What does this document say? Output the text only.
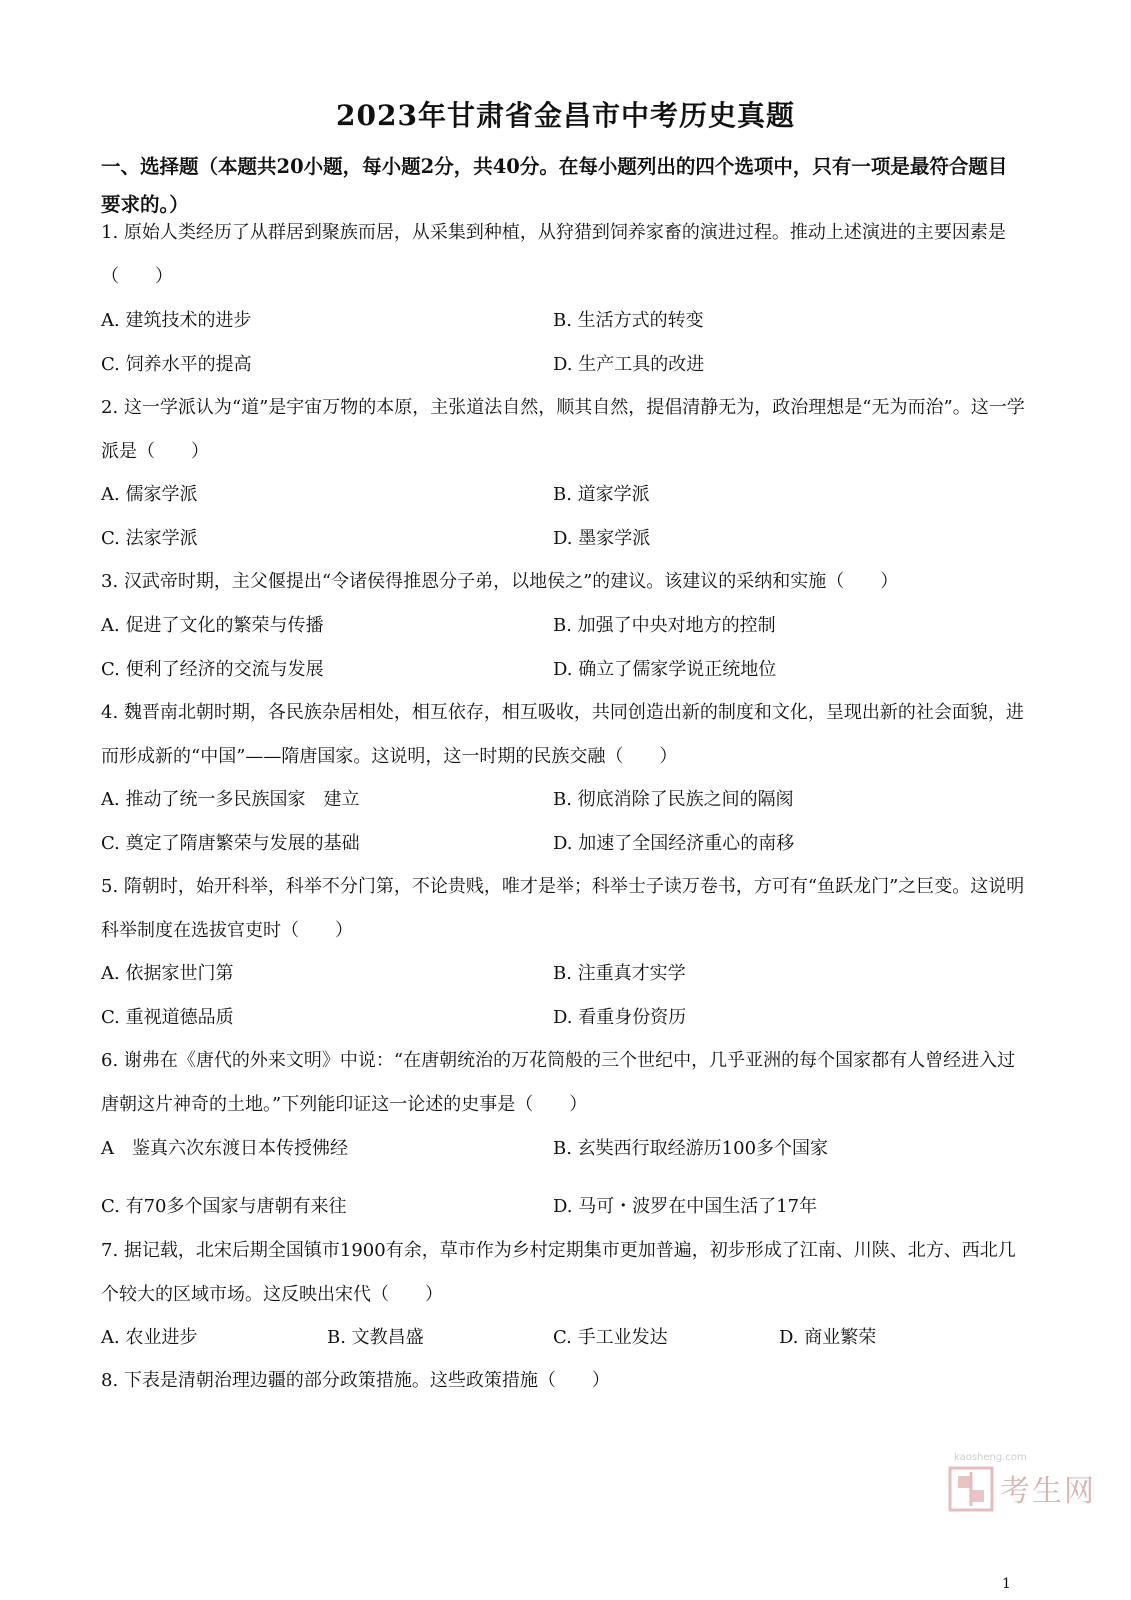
2023年甘肃省金昌市中考历史真题
一、选择题（本题共20小题，每小题2分，共40分。在每小题列出的四个选项中，只有一项是最符合题目要求的。）
1. 原始人类经历了从群居到聚族而居，从采集到种植，从狩猎到饲养家畜的演进过程。推动上述演进的主要因素是（　　）
A. 建筑技术的进步	B. 生活方式的转变
C. 饲养水平的提高	D. 生产工具的改进
2. 这一学派认为“道”是宇宙万物的本原，主张道法自然，顺其自然，提倡清静无为，政治理想是“无为而治”。这一学派是（　　）
A. 儒家学派	B. 道家学派
C. 法家学派	D. 墨家学派
3. 汉武帝时期，主父偃提出“令诸侯得推恩分子弟，以地侯之”的建议。该建议的采纳和实施（　　）
A. 促进了文化的繁荣与传播	B. 加强了中央对地方的控制
C. 便利了经济的交流与发展	D. 确立了儒家学说正统地位
4. 魏晋南北朝时期，各民族杂居相处，相互依存，相互吸收，共同创造出新的制度和文化，呈现出新的社会面貌，进而形成新的“中国”——隋唐国家。这说明，这一时期的民族交融（　　）
A. 推动了统一多民族国家　建立	B. 彻底消除了民族之间的隔阂
C. 奠定了隋唐繁荣与发展的基础	D. 加速了全国经济重心的南移
5. 隋朝时，始开科举，科举不分门第，不论贵贱，唯才是举；科举士子读万卷书，方可有“鱼跃龙门”之巨变。这说明科举制度在选拔官吏时（　　）
A. 依据家世门第	B. 注重真才实学
C. 重视道德品质	D. 看重身份资历
6. 谢弗在《唐代的外来文明》中说：“在唐朝统治的万花筒般的三个世纪中，几乎亚洲的每个国家都有人曾经进入过唐朝这片神奇的土地。”下列能印证这一论述的史事是（　　）
A　鉴真六次东渡日本传授佛经	B. 玄奘西行取经游历100多个国家
C. 有70多个国家与唐朝有来往	D. 马可・波罗在中国生活了17年
7. 据记载，北宋后期全国镇市1900有余，草市作为乡村定期集市更加普遍，初步形成了江南、川陕、北方、西北几个较大的区域市场。这反映出宋代（　　）
A. 农业进步	B. 文教昌盛	C. 手工业发达	D. 商业繁荣
8. 下表是清朝治理边疆的部分政策措施。这些政策措施（　　）
kaosheng.com
考生网
1
